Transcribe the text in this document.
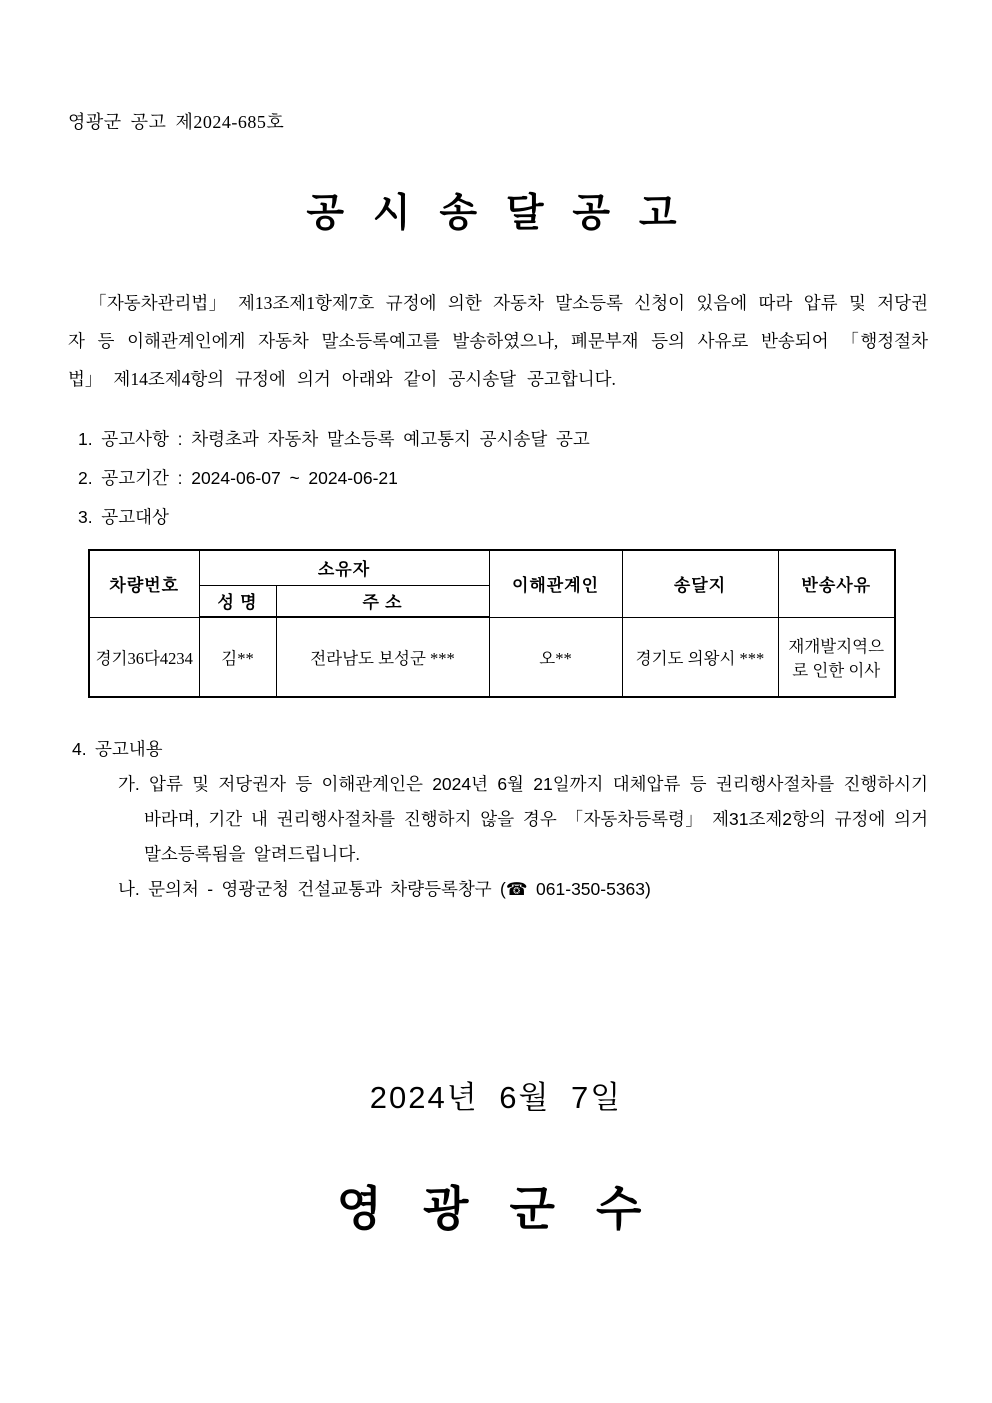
영광군 공고 제2024-685호
공 시 송 달 공 고

「자동차관리법」 제13조제1항제7호 규정에 의한 자동차 말소등록 신청이 있음에 따라 압류 및 저당권자 등 이해관계인에게 자동차 말소등록예고를 발송하였으나, 폐문부재 등의 사유로 반송되어 「행정절차법」 제14조제4항의 규정에 의거 아래와 같이 공시송달 공고합니다.

1. 공고사항 : 차령초과 자동차 말소등록 예고통지 공시송달 공고
2. 공고기간 : 2024-06-07 ~ 2024-06-21
3. 공고대상
차량번호	소유자		이해관계인	송달지	반송사유
	성 명	주 소			
경기36다4234	김**	전라남도 보성군 ***	오**	경기도 의왕시 ***	재개발지역으로 인한 이사
4. 공고내용
가. 압류 및 저당권자 등 이해관계인은 2024년 6월 21일까지 대체압류 등 권리행사절차를 진행하시기 바라며, 기간 내 권리행사절차를 진행하지 않을 경우 「자동차등록령」 제31조제2항의 규정에 의거 말소등록됨을 알려드립니다.
나. 문의처 - 영광군청 건설교통과 차량등록창구 (☎ 061-350-5363)
2024년 6월 7일
영 광 군 수
